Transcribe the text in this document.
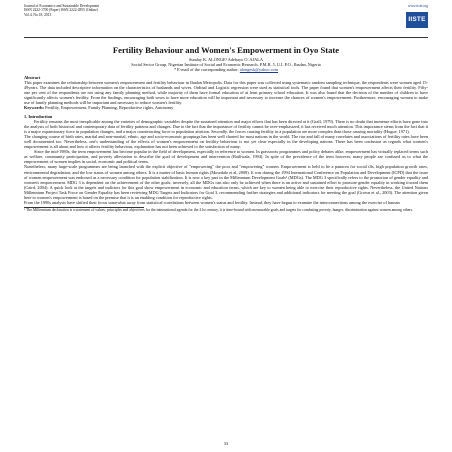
Journal of Economics and Sustainable Development
ISSN 2222-1700 (Paper) ISSN 2222-2855 (Online)
Vol.4, No.18, 2013
www.iiste.org
IISTE
Fertility Behaviour and Women's Empowerment in Oyo State
Sunday K. ALONGE¹ Adebayo O. AJALA
Social Sector Group, Nigerian Institute of Social and Economic Research, P.M.B. 5, U.I. P.O., Ibadan, Nigeria
* E-mail of the corresponding author: alongesk@yahoo.com
Abstract

This paper examines the relationship between women's empowerment and fertility behaviour in Ibadan Metropolis. Data for this paper was collected using systematic random sampling technique, the respondents were women aged 15-49years. The data included descriptive information on the characteristics of husbands and wives. Ordinal and Logistic regression were used as statistical tools. The paper found that women's empowerment affects their fertility. Fifty-one per cent of the respondents are not using any family planning method, while majority of them have formal education of at least primary school education. It was also found that the decision of the number of children to have significantly affects women's fertility. From the findings, encouraging both sexes to have more education will be important and necessary to increase the chances of women's empowerment. Furthermore, encouraging women to make use of family planning methods will be important and necessary to reduce women's fertility.

Keywords: Fertility, Empowerment, Family Planning, Reproductive rights, Autonomy

1. Introduction

Fertility remains the most inexplicable among the varieties of demographic variables despite the sustained attention and major efforts that has been directed at it (Grall, 1979). There is no doubt that immense efforts have gone into the analysis of both historical and contemporary data of fertility patterns and changes. Due to the fact that the importance of fertility cannot be over-emphasized, it has received much attention. This importance stems from the fact that it is a major expansionary force in population changes, and a major counteracting force to population attrition. Secondly, the forces causing fertility in a population are more complex than those causing mortality (Hogue, 1971).

The changing course of birth rates, marital and non-marital, ethnic, age and socio-economic groupings has been well charted for most nations in the world. The rise and fall of many correlates and associations of fertility rates have been well documented too. Nevertheless, one's understanding of the effects of women's empowerment on fertility behaviour is not yet clear especially in the developing nations. There has been confusion as regards what women's empowerment is all about and how it affects fertility behaviour, explanation has not been achieved to the satisfaction of many.

Since the mid-1980s, the term empowerment has become popular in the field of development, especially in reference to women. In grassroots programmes and policy debates alike, empowerment has virtually replaced terms such as welfare, community participation, and poverty alleviation to describe the goal of development and intervention (Batliwala, 1994). In spite of the prevalence of the term however, many people are confused as to what the empowerment of women implies in social, economic and political terms.

Nonetheless, many large-scale programmes are being launched with the explicit objective of "empowering" the poor and "empowering" women. Empowerment is held to be a panacea for social ills, high population growth rates, environmental degradation, and the low status of women among others. It is a matter of basic human rights (Mosedale et al, 2008). It was during the 1994 International Conference on Population and Development (ICPD) that the issue of women empowerment was endorsed as a necessary condition for population stabilization. It is now a key part in the Millennium Development Goals¹ (MDGs). The MDG 3 specifically refers to the promotion of gender equality and women's empowerment. MDG 3 is dependent on the achievement of the other goals; inversely, all the MDGs can also only be achieved when there is an active and sustained effort to promote gender equality in working toward them (Caird, 2004). A quick look at the targets and indictors for this goal show empowerment in economic and education terms, which are key to women being able to exercise their reproductive rights. Nevertheless, the United Nations Millennium Project Task Force on Gender Equality has been reviewing MDG Targets and Indicators for Goal 3, recommending further strategies and additional indicators for meeting the goal (Grown et al., 2003). The attention given here to women's empowerment is based on the premise that it is an enabling condition for reproductive rights.

From the 1990s analysts have shifted their focus somewhat away from statistical correlations between women's status and fertility. Instead, they have begun to examine the interconnections among the exercise of human

¹ The Millennium declaration is a statement of values, principles and objectives for the international agenda for the 21st century, it is time-bound with measurable goals and targets for combating poverty, hunger, discrimination against women among others.
33
